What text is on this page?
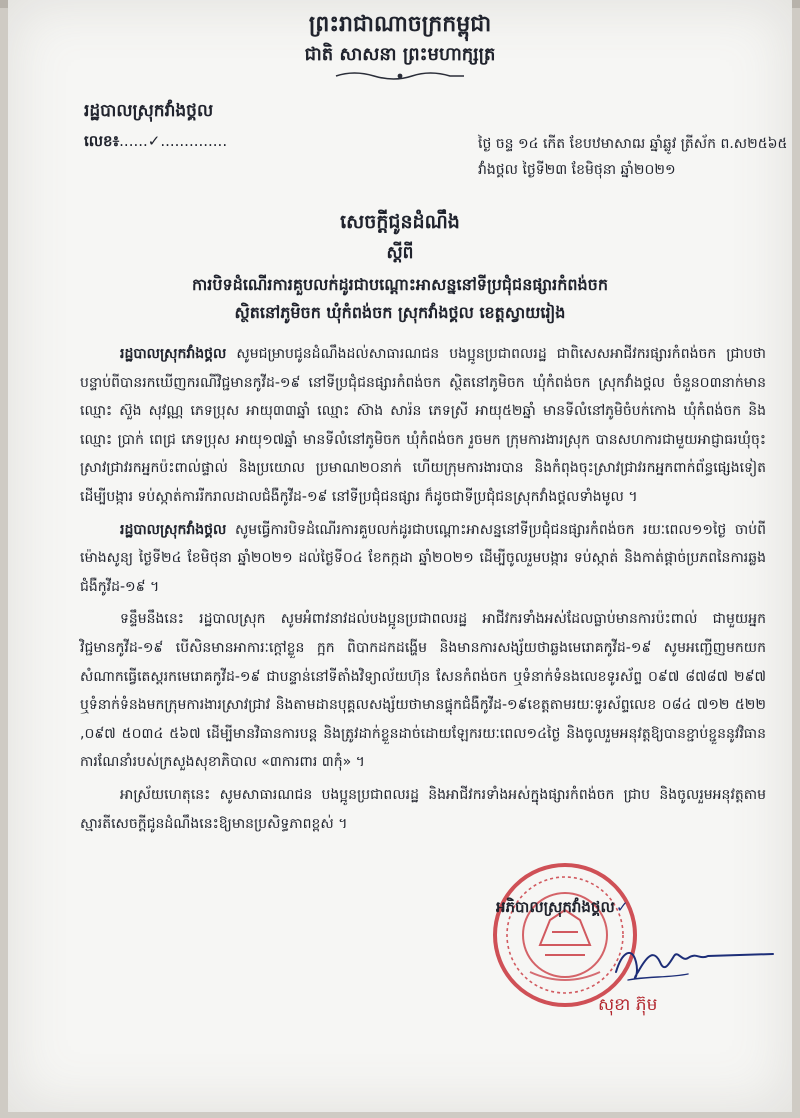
ព្រះរាជាណាចក្រកម្ពុជា
ជាតិ សាសនា ព្រះមហាក្សត្រ
រដ្ឋបាលស្រុកវាំងថ្គល
លេខ៖......✓..............	ថ្ងៃ ចន្ទ ១៤ កើត ខែបឋមាសាឍ ឆ្នាំឆ្លូវ ត្រីស័ក ព.ស២៥៦៥
វាំងថ្គល ថ្ងៃទី២៣ ខែមិថុនា ឆ្នាំ២០២១
សេចក្តីជូនដំណឹង
ស្តីពី
ការបិទដំណើរការគួបលក់ដូរជាបណ្តោះអាសន្ននៅទីប្រជុំជនផ្សារកំពង់ចក
ស្ថិតនៅភូមិចក ឃុំកំពង់ចក ស្រុកវាំងថ្គល ខេត្តស្វាយរៀង

រដ្ឋបាលស្រុកវាំងថ្គល សូមជម្រាបជូនដំណឹងដល់សាធារណជន បងប្អូនប្រជាពលរដ្ឋ ជាពិសេសអាជីវករផ្សារកំពង់ចក ជ្រាបថា បន្ទាប់ពីបានរកឃើញករណីវិជ្ជមានកូវីដ-១៩ នៅទីប្រជុំជនផ្សារកំពង់ចក ស្ថិតនៅភូមិចក ឃុំកំពង់ចក ស្រុកវាំងថ្គល ចំនួន០៣នាក់មានឈ្មោះ ស៊ួង សុវណ្ណ ភេទប្រុស អាយុ៣៣ឆ្នាំ ឈ្មោះ ស៊ាង សារ៉ន ភេទស្រី អាយុ៥២ឆ្នាំ មានទីលំនៅភូមិចំបក់កោង ឃុំកំពង់ចក និងឈ្មោះ ប្រាក់ ពេជ្រ ភេទប្រុស អាយុ១៧ឆ្នាំ មានទីលំនៅភូមិចក ឃុំកំពង់ចក រួចមក ក្រុមការងារស្រុក បានសហការជាមួយអាជ្ញាធរឃុំចុះស្រាវជ្រាវរកអ្នកប៉ះពាល់ផ្ទាល់ និងប្រយោល ប្រមាណ២០នាក់ ហើយក្រុមការងារបាន និងកំពុងចុះស្រាវជ្រាវរកអ្នកពាក់ព័ន្ធផ្សេងទៀត ដើម្បីបង្ការ ទប់ស្កាត់ការរីករាលដាលជំងឺកូវីដ-១៩ នៅទីប្រជុំជនផ្សារ ក៏ដូចជាទីប្រជុំជនស្រុកវាំងថ្គលទាំងមូល ។

រដ្ឋបាលស្រុកវាំងថ្គល សូមធ្វើការបិទដំណើរការគួបលក់ដូរជាបណ្តោះអាសន្ននៅទីប្រជុំជនផ្សារកំពង់ចក រយៈពេល១១ថ្ងៃ ចាប់ពីម៉ោងសូន្យ ថ្ងៃទី២៤ ខែមិថុនា ឆ្នាំ២០២១ ដល់ថ្ងៃទី០៤ ខែកក្កដា ឆ្នាំ២០២១ ដើម្បីចូលរួមបង្ការ ទប់ស្កាត់ និងកាត់ផ្តាច់ប្រភពនៃការឆ្លងជំងឺកូវីដ-១៩ ។

ទន្ទឹមនឹងនេះ រដ្ឋបាលស្រុក សូមអំពាវនាវដល់បងប្អូនប្រជាពលរដ្ឋ អាជីវករទាំងអស់ដែលធ្លាប់មានការប៉ះពាល់ ជាមួយអ្នកវិជ្ជមានកូវីដ-១៩ បើសិនមានអាការៈក្តៅខ្លួន ក្អក ពិបាកដកដង្ហើម និងមានការសង្ស័យថាឆ្លងមេរោគកូវីដ-១៩ សូមអញ្ជើញមកយកសំណាកធ្វើតេស្តរកមេរោគកូវីដ-១៩ ជាបន្ទាន់នៅទីតាំងវិទ្យាល័យហ៊ុន សែនកំពង់ចក ឬទំនាក់ទំនងលេខទូរស័ព្ទ ០៩៧ ៨៧៨៧ ២៩៧ ឬទំនាក់ទំនងមកក្រុមការងារស្រាវជ្រាវ និងតាមដានបុគ្គលសង្ស័យថាមានផ្ទុកជំងឺកូវីដ-១៩ខេត្តតាមរយៈទូរស័ព្ទលេខ ០៨៤ ៧១២ ៥២២ ,០៩៧ ៥០៣៤ ៥៦៧ ដើម្បីមានវិធានការបន្ត និងត្រូវដាក់ខ្លួនដាច់ដោយឡែករយៈពេល១៤ថ្ងៃ និងចូលរួមអនុវត្តឱ្យបានខ្ជាប់ខ្ជួននូវវិធានការណែនាំរបស់ក្រសួងសុខាភិបាល «៣ការពារ ៣កុំ» ។

អាស្រ័យហេតុនេះ សូមសាធារណជន បងប្អូនប្រជាពលរដ្ឋ និងអាជីវករទាំងអស់ក្នុងផ្សារកំពង់ចក ជ្រាប និងចូលរួមអនុវត្តតាមស្មារតីសេចក្តីជូនដំណឹងនេះឱ្យមានប្រសិទ្ធភាពខ្ពស់ ។

អភិបាលស្រុកវាំងថ្គល ✓
សុខា ភ៊ុម
